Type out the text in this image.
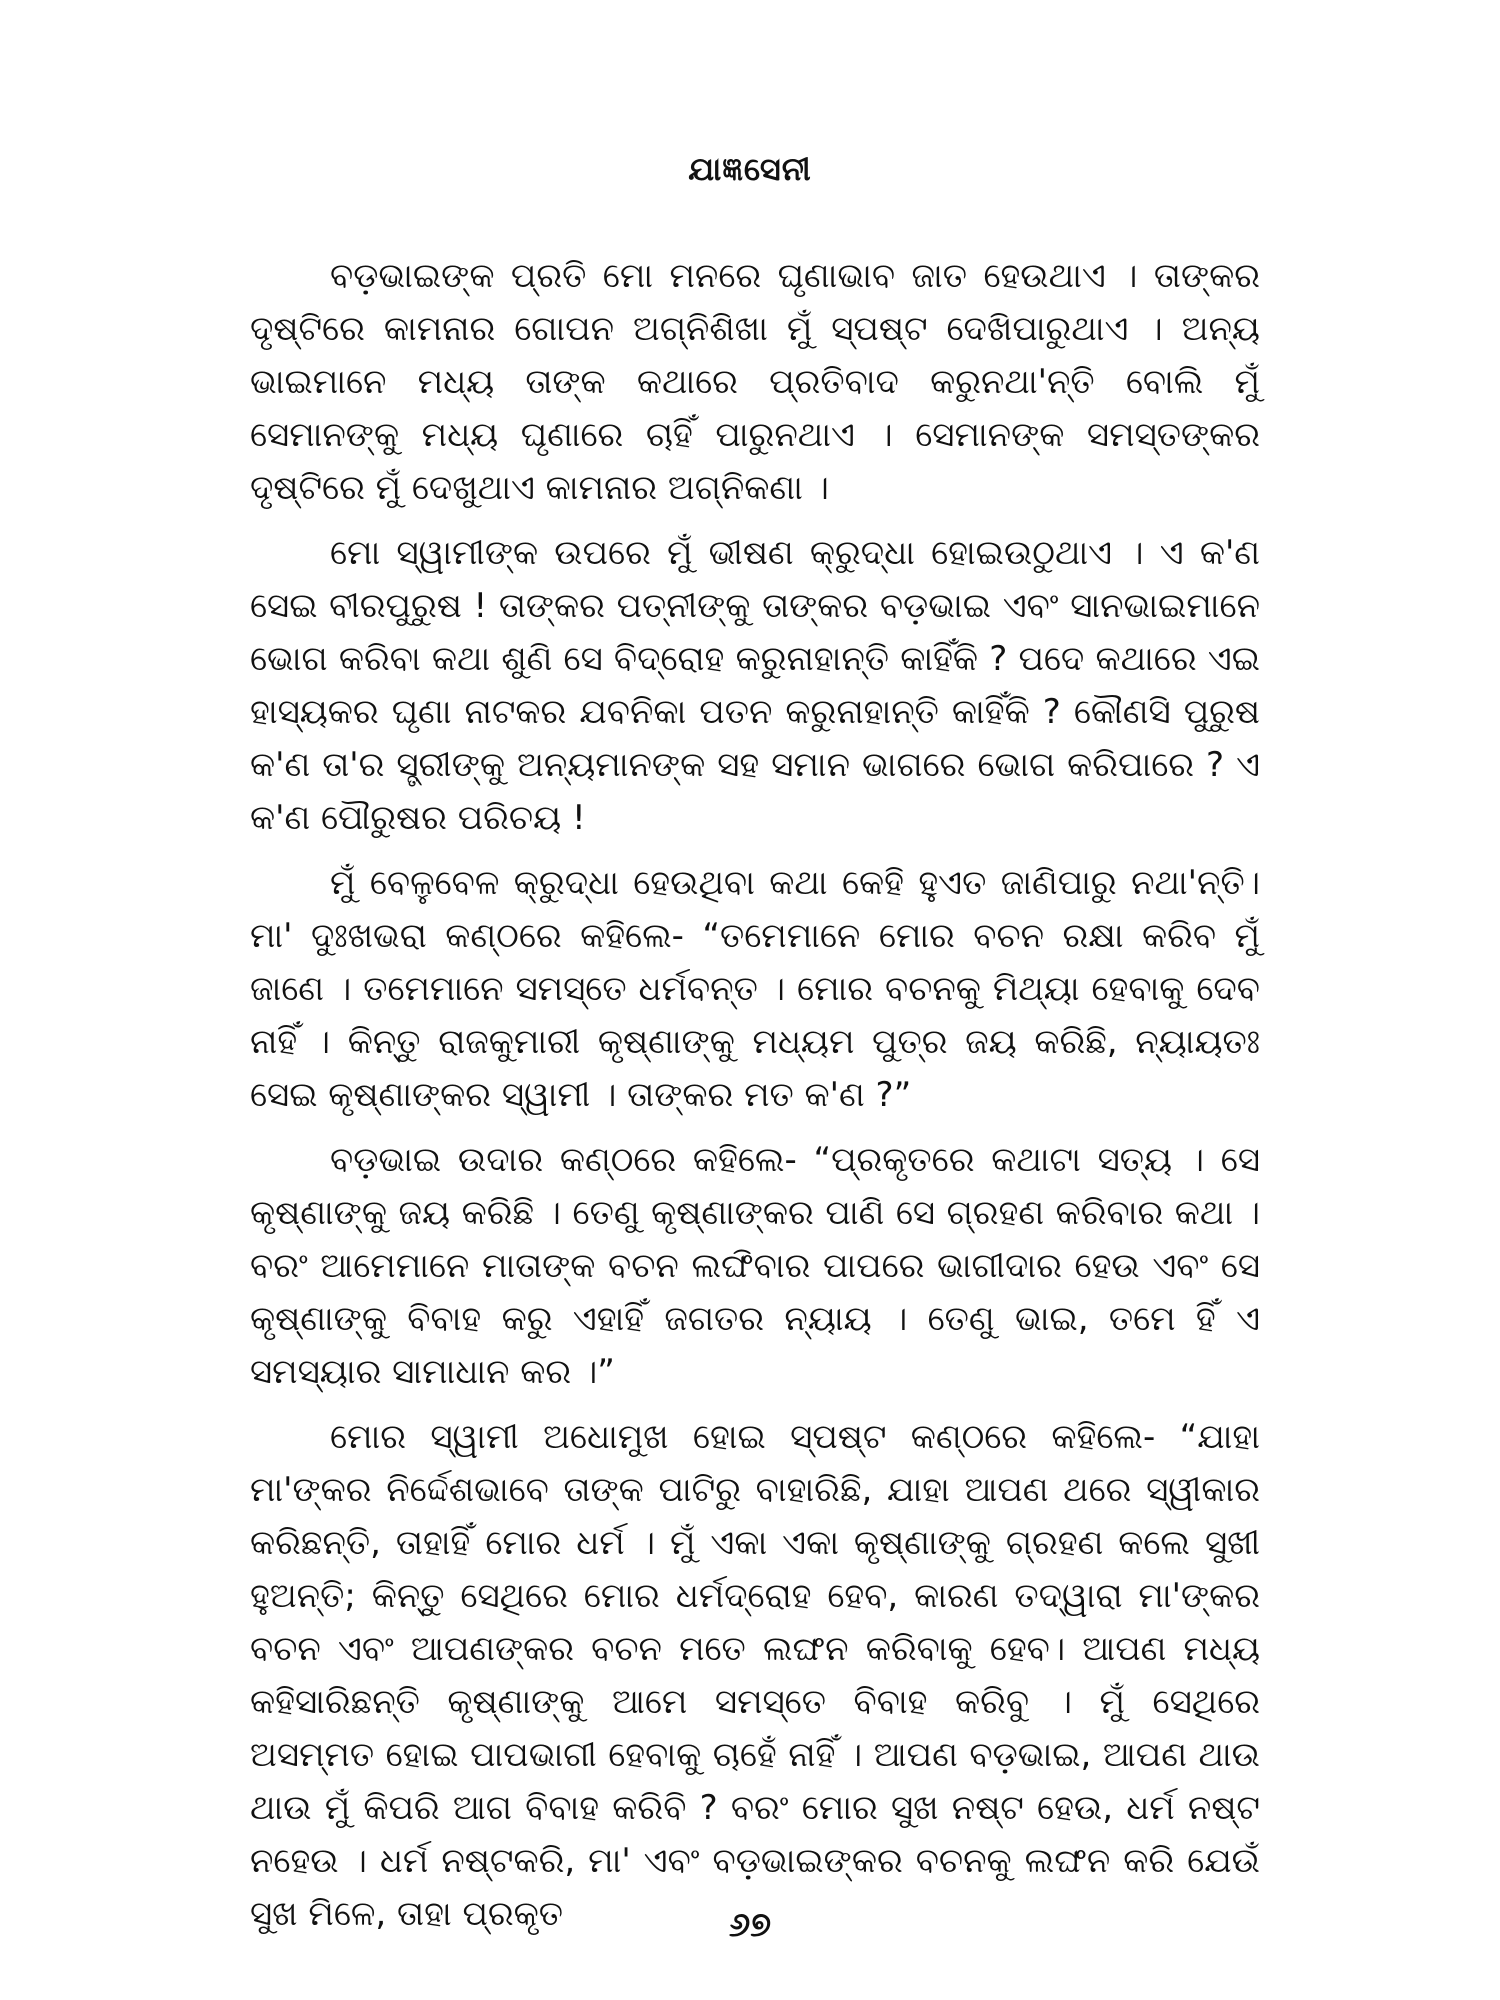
ଯାଜ୍ଞସେନୀ

ବଡ଼ଭାଇଙ୍କ ପ୍ରତି ମୋ ମନରେ ଘୃଣାଭାବ ଜାତ ହେଉଥାଏ । ତାଙ୍କର ଦୃଷ୍ଟିରେ କାମନାର ଗୋପନ ଅଗ୍ନିଶିଖା ମୁଁ ସ୍ପଷ୍ଟ ଦେଖିପାରୁଥାଏ । ଅନ୍ୟ ଭାଇମାନେ ମଧ୍ୟ ତାଙ୍କ କଥାରେ ପ୍ରତିବାଦ କରୁନଥା'ନ୍ତି ବୋଲି ମୁଁ ସେମାନଙ୍କୁ ମଧ୍ୟ ଘୃଣାରେ ଚାହିଁ ପାରୁନଥାଏ । ସେମାନଙ୍କ ସମସ୍ତଙ୍କର ଦୃଷ୍ଟିରେ ମୁଁ ଦେଖୁଥାଏ କାମନାର ଅଗ୍ନିକଣା ।

ମୋ ସ୍ୱାମୀଙ୍କ ଉପରେ ମୁଁ ଭୀଷଣ କ୍ରୁଦ୍ଧା ହୋଇଉଠୁଥାଏ । ଏ କ'ଣ ସେଇ ବୀରପୁରୁଷ ! ତାଙ୍କର ପତ୍ନୀଙ୍କୁ ତାଙ୍କର ବଡ଼ଭାଇ ଏବଂ ସାନଭାଇମାନେ ଭୋଗ କରିବା କଥା ଶୁଣି ସେ ବିଦ୍ରୋହ କରୁନାହାନ୍ତି କାହିଁକି ? ପଦେ କଥାରେ ଏଇ ହାସ୍ୟକର ଘୃଣା ନାଟକର ଯବନିକା ପତନ କରୁନାହାନ୍ତି କାହିଁକି ? କୌଣସି ପୁରୁଷ କ'ଣ ତା'ର ସ୍ତ୍ରୀଙ୍କୁ ଅନ୍ୟମାନଙ୍କ ସହ ସମାନ ଭାଗରେ ଭୋଗ କରିପାରେ ? ଏ କ'ଣ ପୌରୁଷର ପରିଚୟ !

ମୁଁ ବେଳୁବେଳ କ୍ରୁଦ୍ଧା ହେଉଥିବା କଥା କେହି ହୁଏତ ଜାଣିପାରୁ ନଥା'ନ୍ତି। ମା' ଦୁଃଖଭରା କଣ୍ଠରେ କହିଲେ- “ତମେମାନେ ମୋର ବଚନ ରକ୍ଷା କରିବ ମୁଁ ଜାଣେ । ତମେମାନେ ସମସ୍ତେ ଧର୍ମବନ୍ତ । ମୋର ବଚନକୁ ମିଥ୍ୟା ହେବାକୁ ଦେବ ନାହିଁ । କିନ୍ତୁ ରାଜକୁମାରୀ କୃଷ୍ଣାଙ୍କୁ ମଧ୍ୟମ ପୁତ୍ର ଜୟ କରିଛି, ନ୍ୟାୟତଃ ସେଇ କୃଷ୍ଣାଙ୍କର ସ୍ୱାମୀ । ତାଙ୍କର ମତ କ'ଣ ?”

ବଡ଼ଭାଇ ଉଦାର କଣ୍ଠରେ କହିଲେ- “ପ୍ରକୃତରେ କଥାଟା ସତ୍ୟ । ସେ କୃଷ୍ଣାଙ୍କୁ ଜୟ କରିଛି । ତେଣୁ କୃଷ୍ଣାଙ୍କର ପାଣି ସେ ଗ୍ରହଣ କରିବାର କଥା । ବରଂ ଆମେମାନେ ମାତାଙ୍କ ବଚନ ଲଙ୍ଘିବାର ପାପରେ ଭାଗୀଦାର ହେଉ ଏବଂ ସେ କୃଷ୍ଣାଙ୍କୁ ବିବାହ କରୁ ଏହାହିଁ ଜଗତର ନ୍ୟାୟ । ତେଣୁ ଭାଇ, ତମେ ହିଁ ଏ ସମସ୍ୟାର ସାମାଧାନ କର ।”

ମୋର ସ୍ୱାମୀ ଅଧୋମୁଖ ହୋଇ ସ୍ପଷ୍ଟ କଣ୍ଠରେ କହିଲେ- “ଯାହା ମା'ଙ୍କର ନିର୍ଦ୍ଦେଶଭାବେ ତାଙ୍କ ପାଟିରୁ ବାହାରିଛି, ଯାହା ଆପଣ ଥରେ ସ୍ୱୀକାର କରିଛନ୍ତି, ତାହାହିଁ ମୋର ଧର୍ମ । ମୁଁ ଏକା ଏକା କୃଷ୍ଣାଙ୍କୁ ଗ୍ରହଣ କଲେ ସୁଖୀ ହୁଅନ୍ତି; କିନ୍ତୁ ସେଥିରେ ମୋର ଧର୍ମଦ୍ରୋହ ହେବ, କାରଣ ତଦ୍ୱାରା ମା'ଙ୍କର ବଚନ ଏବଂ ଆପଣଙ୍କର ବଚନ ମତେ ଲଙ୍ଘନ କରିବାକୁ ହେବ। ଆପଣ ମଧ୍ୟ କହିସାରିଛନ୍ତି କୃଷ୍ଣାଙ୍କୁ ଆମେ ସମସ୍ତେ ବିବାହ କରିବୁ । ମୁଁ ସେଥିରେ ଅସମ୍ମତ ହୋଇ ପାପଭାଗୀ ହେବାକୁ ଚାହେଁ ନାହିଁ । ଆପଣ ବଡ଼ଭାଇ, ଆପଣ ଥାଉ ଥାଉ ମୁଁ କିପରି ଆଗ ବିବାହ କରିବି ? ବରଂ ମୋର ସୁଖ ନଷ୍ଟ ହେଉ, ଧର୍ମ ନଷ୍ଟ ନହେଉ । ଧର୍ମ ନଷ୍ଟକରି, ମା' ଏବଂ ବଡ଼ଭାଇଙ୍କର ବଚନକୁ ଲଙ୍ଘନ କରି ଯେଉଁ ସୁଖ ମିଳେ, ତାହା ପ୍ରକୃତ	୬୭
